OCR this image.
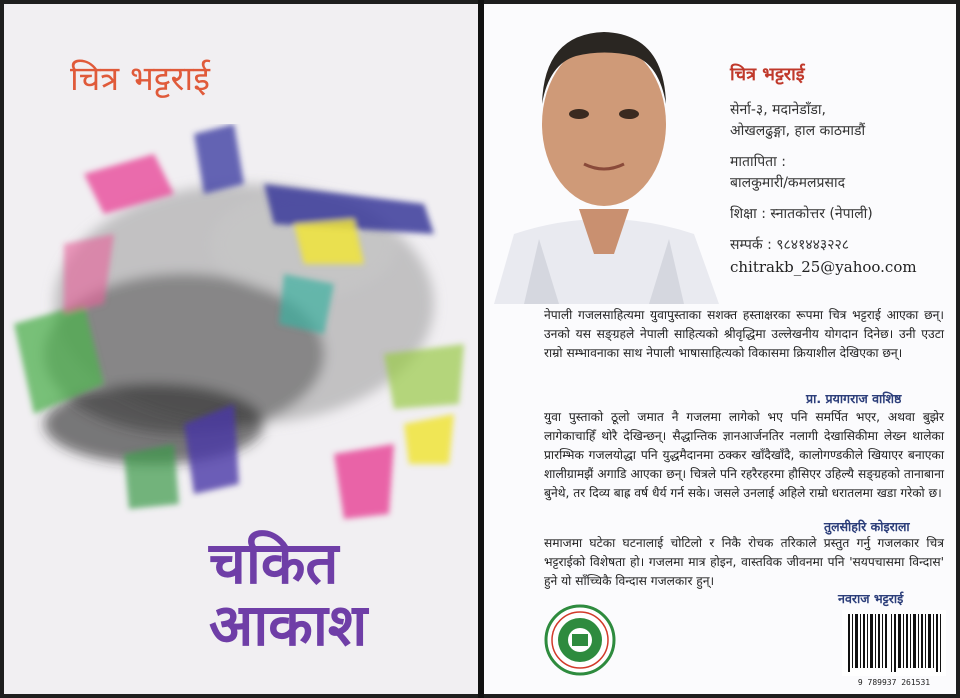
चित्र भट्टराई
चकित
आकाश
चित्र भट्टराई
सेर्ना-३, मदानेडाँडा,
ओखलढुङ्गा, हाल काठमाडौं
मातापिता :
बालकुमारी/कमलप्रसाद
शिक्षा : स्नातकोत्तर (नेपाली)
सम्पर्क : ९८४१४४३२२८
chitrakb_25@yahoo.com
नेपाली गजलसाहित्यमा युवापुस्ताका सशक्त हस्ताक्षरका रूपमा चित्र भट्टराई आएका छन्। उनको यस सङ्ग्रहले नेपाली साहित्यको श्रीवृद्धिमा उल्लेखनीय योगदान दिनेछ। उनी एउटा राम्रो सम्भावनाका साथ नेपाली भाषासाहित्यको विकासमा क्रियाशील देखिएका छन्।
प्रा. प्रयागराज वाशिष्ठ
युवा पुस्ताको ठूलो जमात नै गजलमा लागेको भए पनि समर्पित भएर, अथवा बुझेर लागेकाचाहिँ थोरै देखिन्छन्। सैद्धान्तिक ज्ञानआर्जनतिर नलागी देखासिकीमा लेख्न थालेका प्रारम्भिक गजलयोद्धा पनि युद्धमैदानमा ठक्कर खाँदैखाँदै, कालोगण्डकीले खियाएर बनाएका शालीग्रामझैं अगाडि आएका छन्। चित्रले पनि रहरैरहरमा हौसिएर उहिल्यै सङ्ग्रहको तानाबाना बुनेथे, तर दिव्य बाह्र वर्ष धैर्य गर्न सके। जसले उनलाई अहिले राम्रो धरातलमा खडा गरेको छ।
तुलसीहरि कोइराला
समाजमा घटेका घटनालाई चोटिलो र निकै रोचक तरिकाले प्रस्तुत गर्नु गजलकार चित्र भट्टराईको विशेषता हो। गजलमा मात्र होइन, वास्तविक जीवनमा पनि 'सयपचासमा विन्दास' हुने यो साँच्चिकै विन्दास गजलकार हुन्।
नवराज भट्टराई
9 789937 261531
